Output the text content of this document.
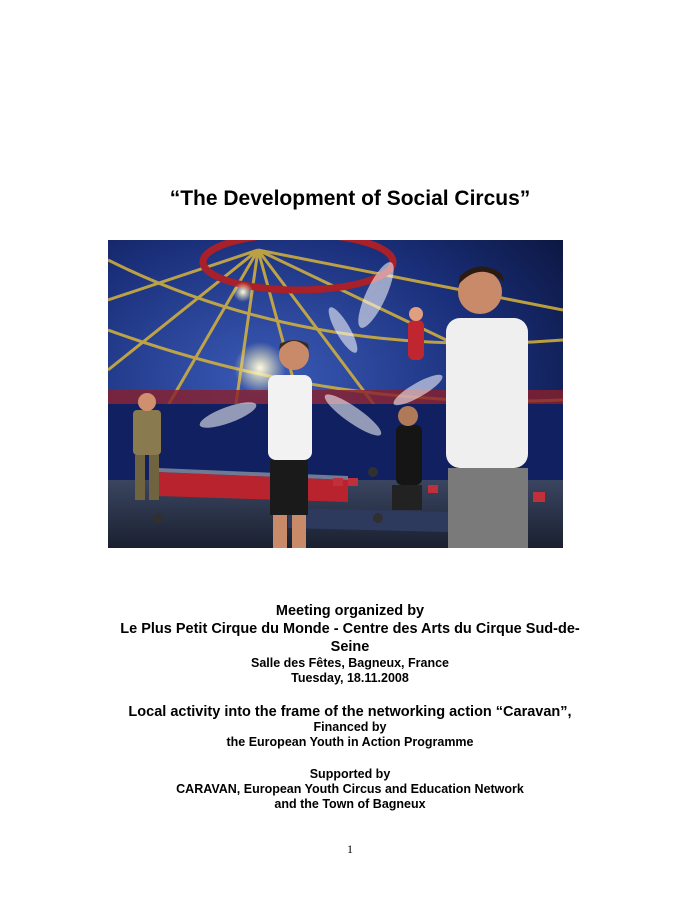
“The Development of Social Circus”
Meeting organized by
Le Plus Petit Cirque du Monde - Centre des Arts du Cirque Sud-de-
Seine
Salle des Fêtes, Bagneux, France
Tuesday, 18.11.2008
Local activity into the frame of the networking action “Caravan”,
Financed by
the European Youth in Action Programme
Supported by
CARAVAN, European Youth Circus and Education Network
and the Town of Bagneux
1
